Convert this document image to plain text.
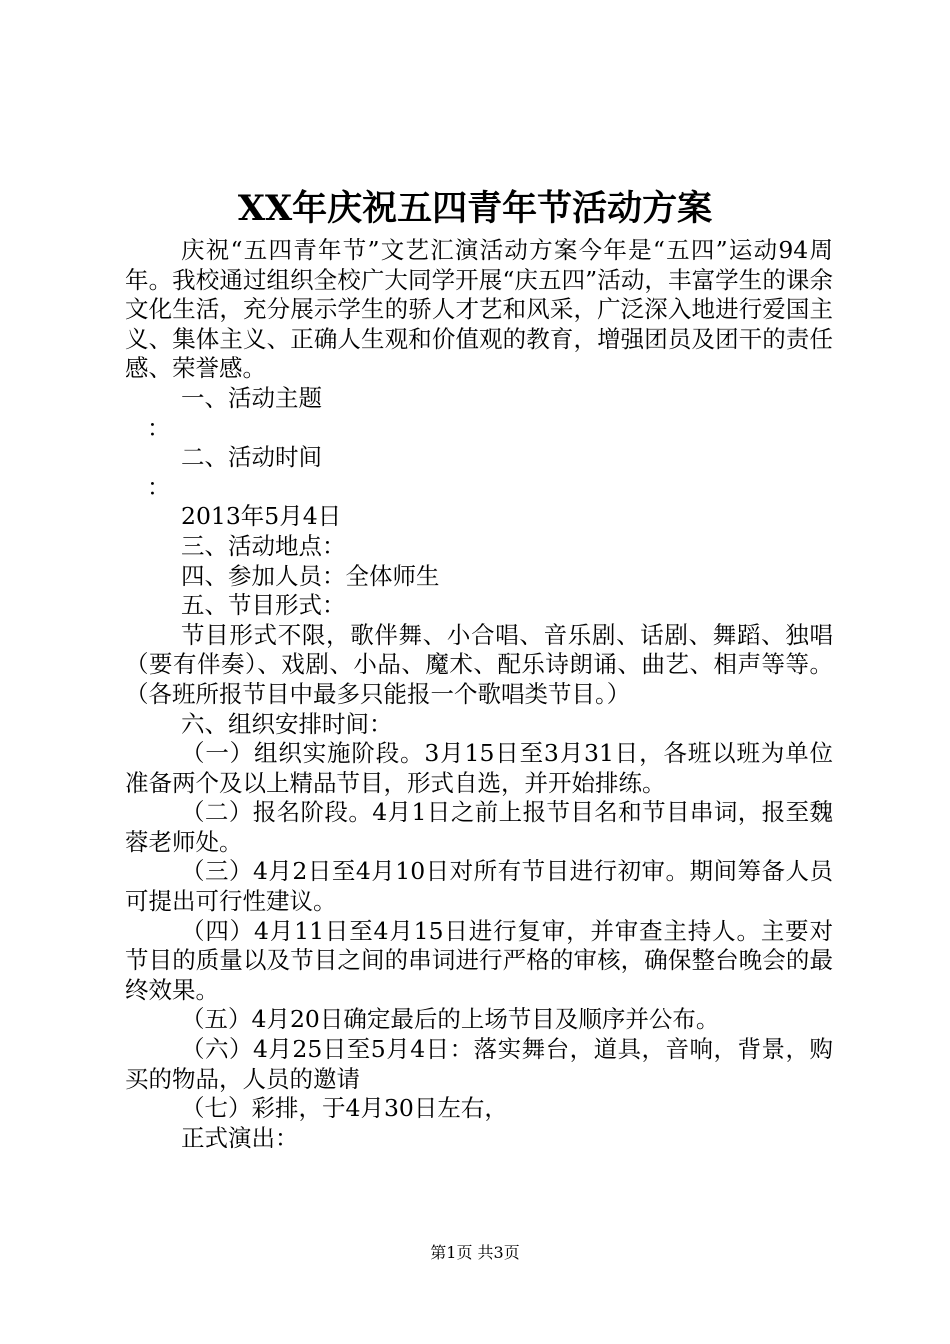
XX年庆祝五四青年节活动方案

庆祝“五四青年节”文艺汇演活动方案今年是“五四”运动94周年。我校通过组织全校广大同学开展“庆五四”活动，丰富学生的课余文化生活，充分展示学生的骄人才艺和风采，广泛深入地进行爱国主义、集体主义、正确人生观和价值观的教育，增强团员及团干的责任感、荣誉感。

一、活动主题

：

二、活动时间

：

2013年5月4日

三、活动地点：

四、参加人员：全体师生

五、节目形式：

节目形式不限，歌伴舞、小合唱、音乐剧、话剧、舞蹈、独唱（要有伴奏）、戏剧、小品、魔术、配乐诗朗诵、曲艺、相声等等。（各班所报节目中最多只能报一个歌唱类节目。）

六、组织安排时间：

（一）组织实施阶段。3月15日至3月31日，各班以班为单位准备两个及以上精品节目，形式自选，并开始排练。

（二）报名阶段。4月1日之前上报节目名和节目串词，报至魏蓉老师处。

（三）4月2日至4月10日对所有节目进行初审。期间筹备人员可提出可行性建议。

（四）4月11日至4月15日进行复审，并审查主持人。主要对节目的质量以及节目之间的串词进行严格的审核，确保整台晚会的最终效果。

（五）4月20日确定最后的上场节目及顺序并公布。

（六）4月25日至5月4日：落实舞台，道具，音响，背景，购买的物品，人员的邀请

（七）彩排，于4月30日左右，

正式演出：

第1页 共3页
